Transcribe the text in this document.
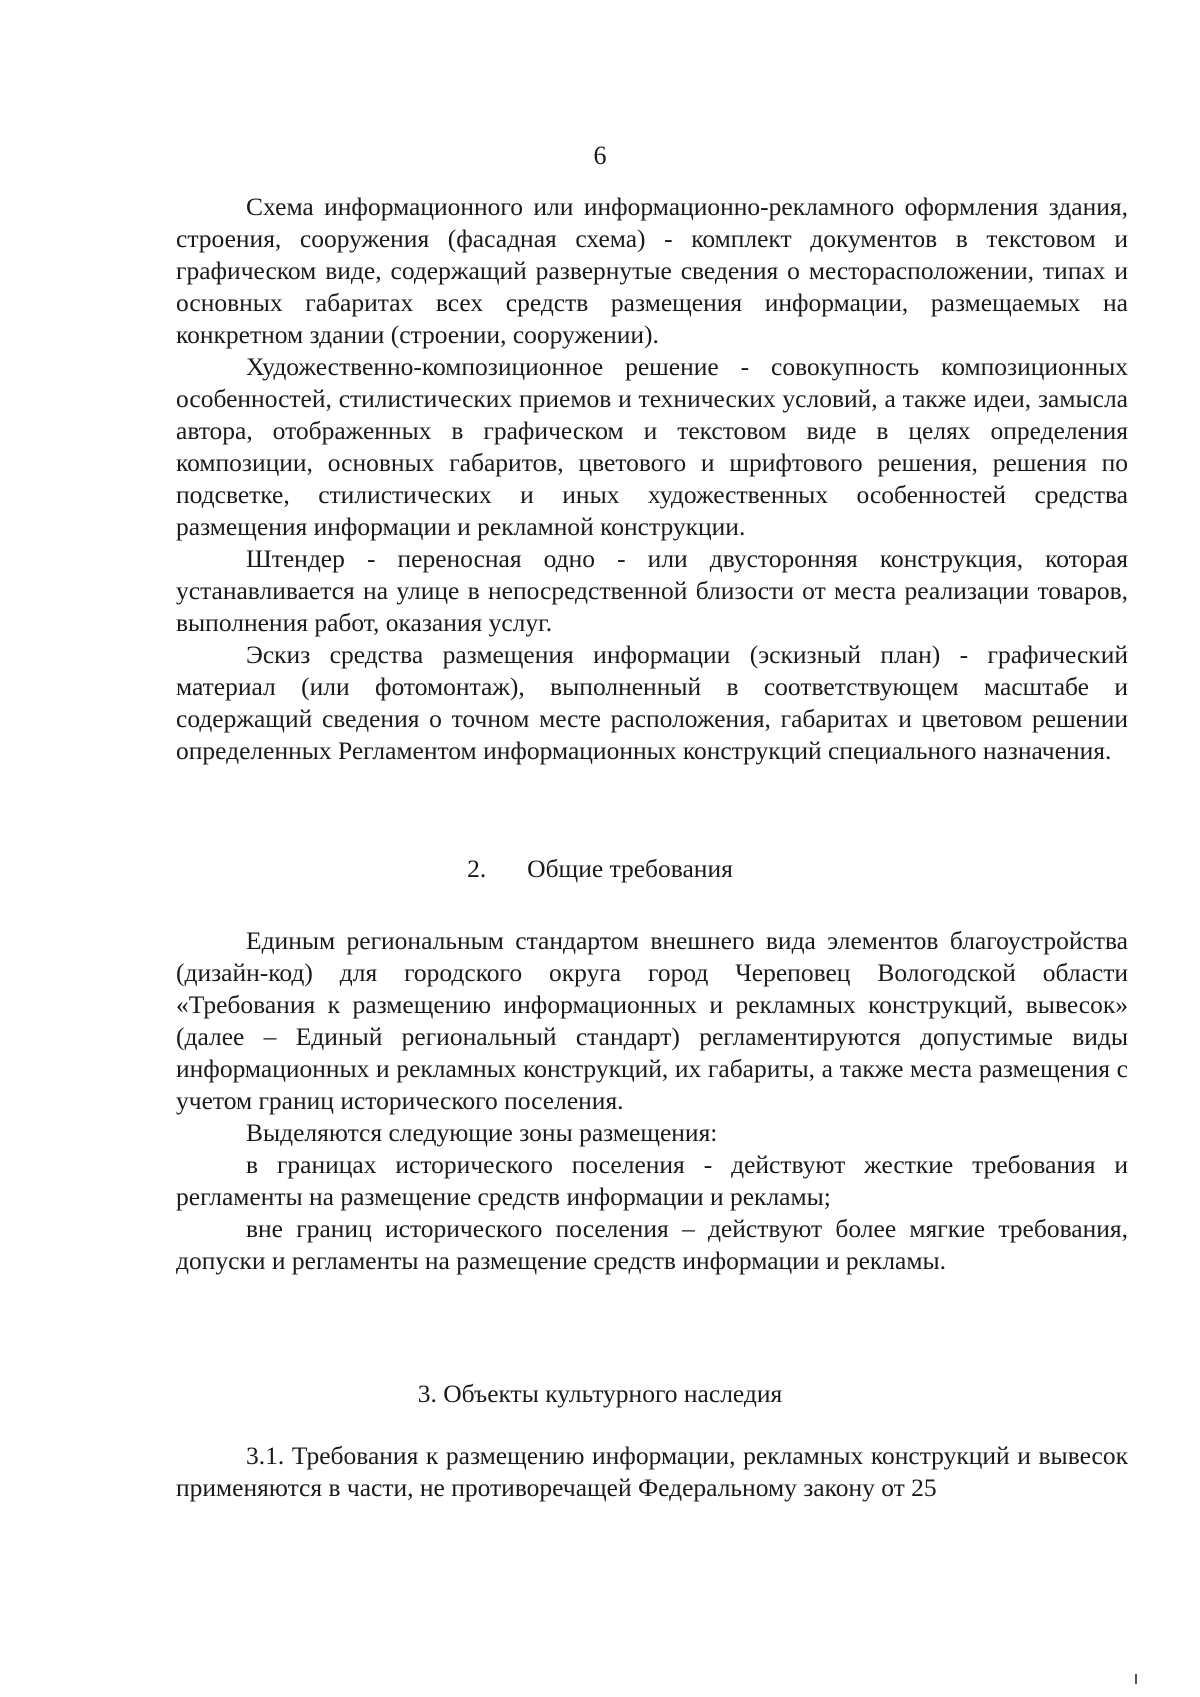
6

Схема информационного или информационно-рекламного оформления здания, строения, сооружения (фасадная схема) - комплект документов в текстовом и графическом виде, содержащий развернутые сведения о месторасположении, типах и основных габаритах всех средств размещения информации, размещаемых на конкретном здании (строении, сооружении).

Художественно-композиционное решение - совокупность композиционных особенностей, стилистических приемов и технических условий, а также идеи, замысла автора, отображенных в графическом и текстовом виде в целях определения композиции, основных габаритов, цветового и шрифтового решения, решения по подсветке, стилистических и иных художественных особенностей средства размещения информации и рекламной конструкции.

Штендер - переносная одно - или двусторонняя конструкция, которая устанавливается на улице в непосредственной близости от места реализации товаров, выполнения работ, оказания услуг.

Эскиз средства размещения информации (эскизный план) - графический материал (или фотомонтаж), выполненный в соответствующем масштабе и содержащий сведения о точном месте расположения, габаритах и цветовом решении определенных Регламентом информационных конструкций специального назначения.

2. Общие требования

Единым региональным стандартом внешнего вида элементов благоустройства (дизайн-код) для городского округа город Череповец Вологодской области «Требования к размещению информационных и рекламных конструкций, вывесок» (далее – Единый региональный стандарт) регламентируются допустимые виды информационных и рекламных конструкций, их габариты, а также места размещения с учетом границ исторического поселения.

Выделяются следующие зоны размещения:

в границах исторического поселения - действуют жесткие требования и регламенты на размещение средств информации и рекламы;

вне границ исторического поселения – действуют более мягкие требования, допуски и регламенты на размещение средств информации и рекламы.

3. Объекты культурного наследия

3.1. Требования к размещению информации, рекламных конструкций и вывесок применяются в части, не противоречащей Федеральному закону от 25
